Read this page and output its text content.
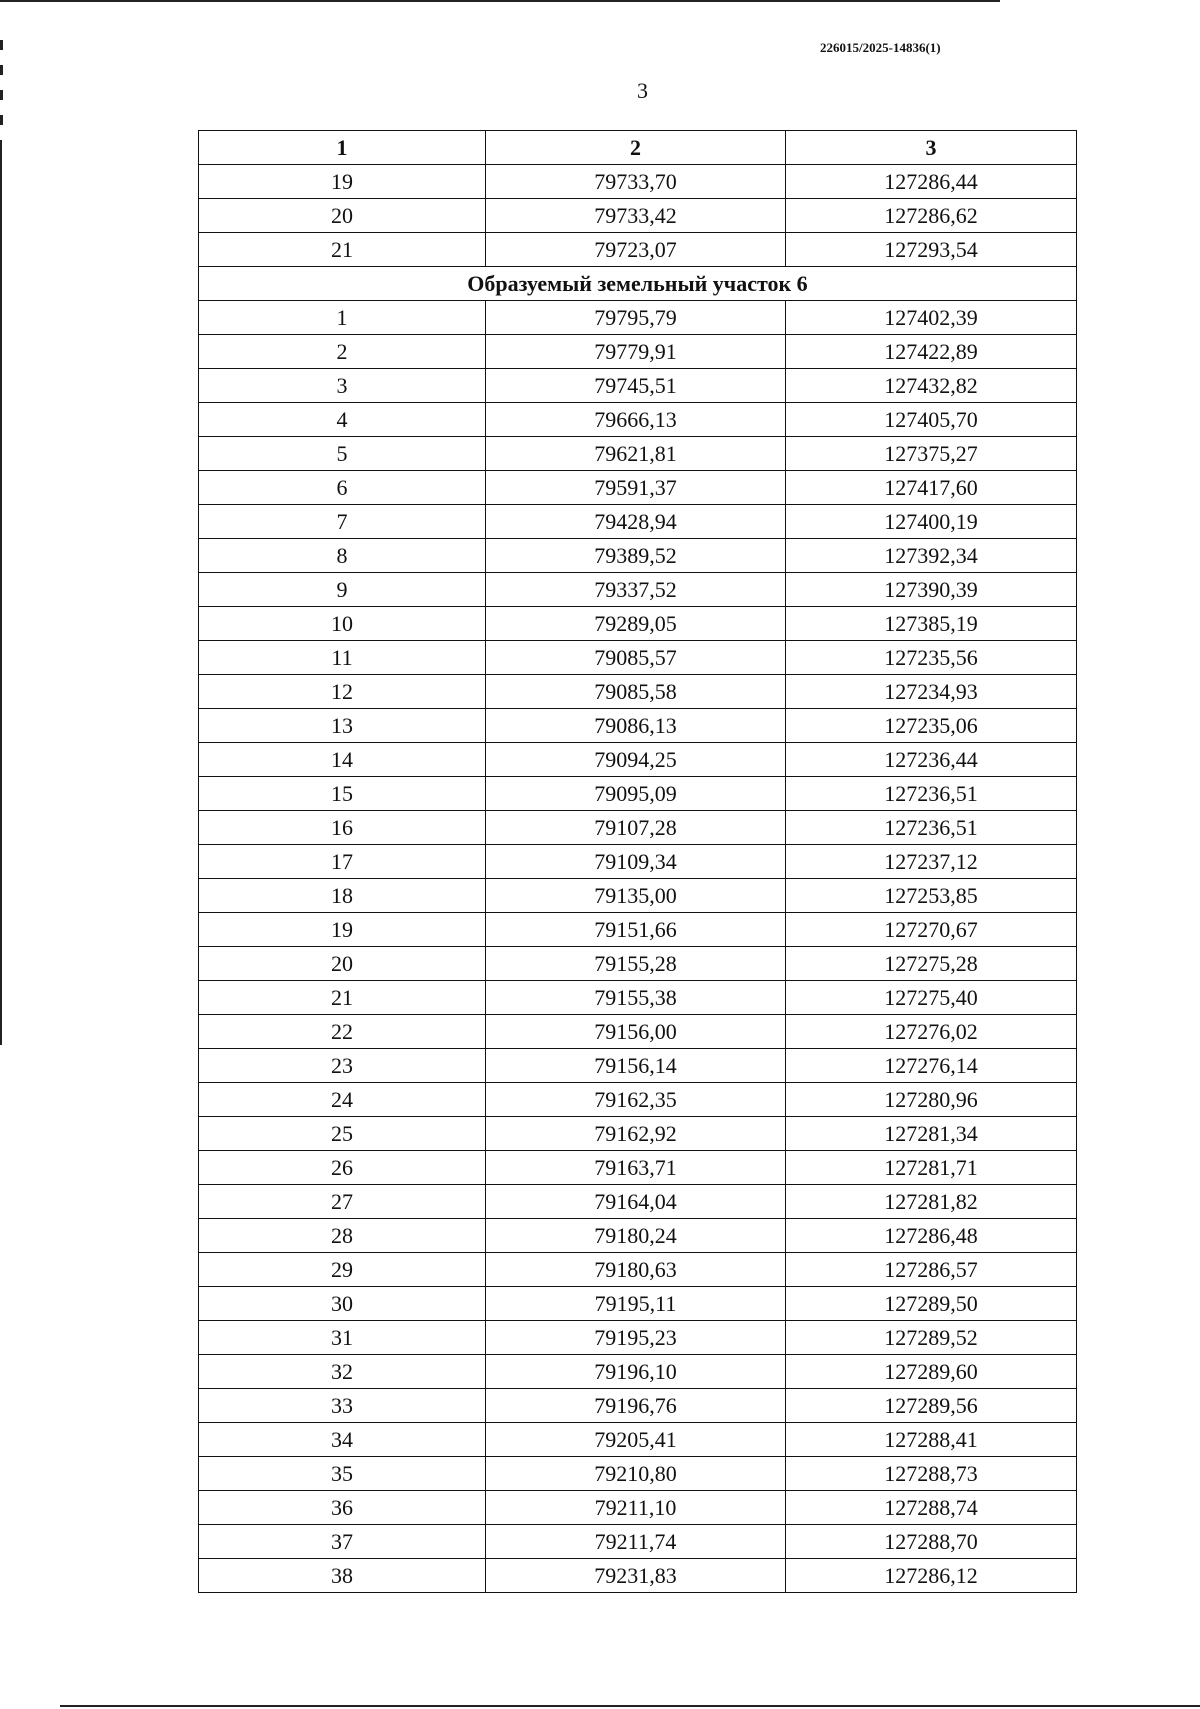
226015/2025-14836(1)
3
1	2	3
19	79733,70	127286,44
20	79733,42	127286,62
21	79723,07	127293,54
Образуемый земельный участок 6		
1	79795,79	127402,39
2	79779,91	127422,89
3	79745,51	127432,82
4	79666,13	127405,70
5	79621,81	127375,27
6	79591,37	127417,60
7	79428,94	127400,19
8	79389,52	127392,34
9	79337,52	127390,39
10	79289,05	127385,19
11	79085,57	127235,56
12	79085,58	127234,93
13	79086,13	127235,06
14	79094,25	127236,44
15	79095,09	127236,51
16	79107,28	127236,51
17	79109,34	127237,12
18	79135,00	127253,85
19	79151,66	127270,67
20	79155,28	127275,28
21	79155,38	127275,40
22	79156,00	127276,02
23	79156,14	127276,14
24	79162,35	127280,96
25	79162,92	127281,34
26	79163,71	127281,71
27	79164,04	127281,82
28	79180,24	127286,48
29	79180,63	127286,57
30	79195,11	127289,50
31	79195,23	127289,52
32	79196,10	127289,60
33	79196,76	127289,56
34	79205,41	127288,41
35	79210,80	127288,73
36	79211,10	127288,74
37	79211,74	127288,70
38	79231,83	127286,12
